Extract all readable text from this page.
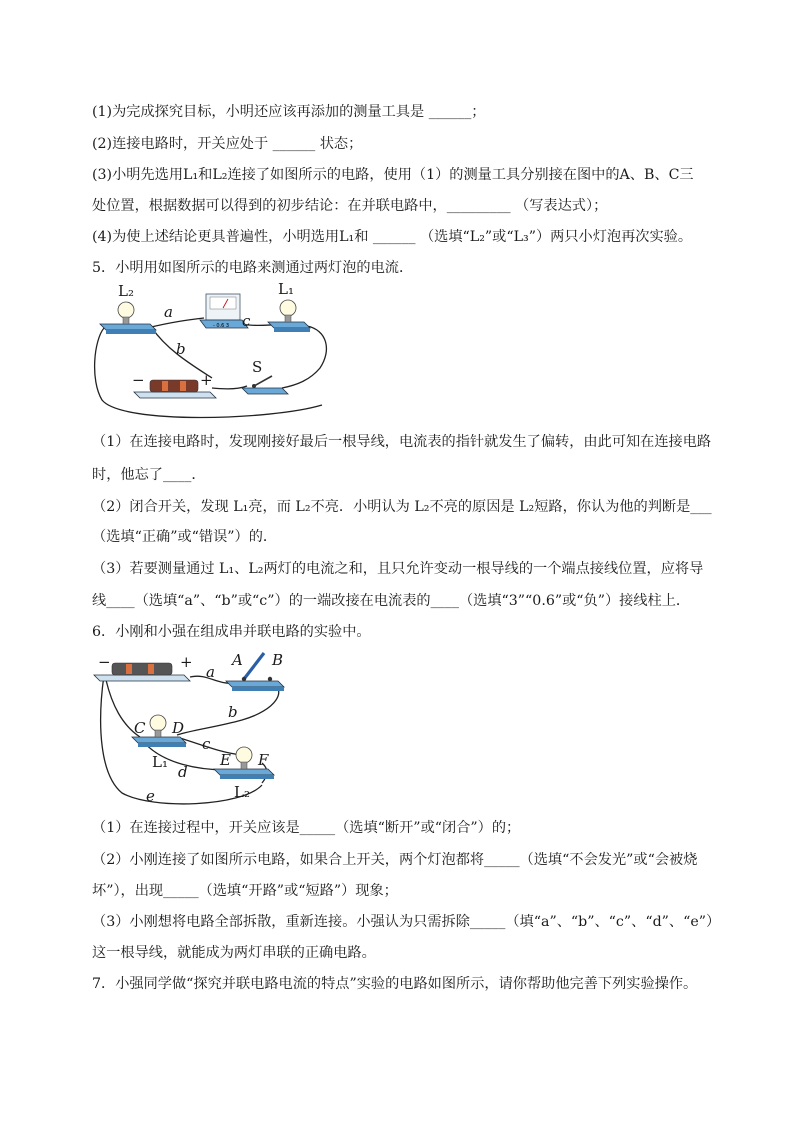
(1)为完成探究目标，小明还应该再添加的测量工具是 ______；
(2)连接电路时，开关应处于 ______ 状态；
(3)小明先选用L₁和L₂连接了如图所示的电路，使用（1）的测量工具分别接在图中的A、B、C三
处位置，根据数据可以得到的初步结论：在并联电路中，_________ （写表达式）；
(4)为使上述结论更具普遍性，小明选用L₁和 ______ （选填“L₂”或“L₃”）两只小灯泡再次实验。
5．小明用如图所示的电路来测通过两灯泡的电流．
L₂
- 0.6 3
a	c
b
L₁
−	+
S
（1）在连接电路时，发现刚接好最后一根导线，电流表的指针就发生了偏转，由此可知在连接电路
时，他忘了____．
（2）闭合开关，发现 L₁亮，而 L₂不亮．小明认为 L₂不亮的原因是 L₂短路，你认为他的判断是___
（选填“正确”或“错误”）的．
（3）若要测量通过 L₁、L₂两灯的电流之和，且只允许变动一根导线的一个端点接线位置，应将导
线____（选填“a”、“b”或“c”）的一端改接在电流表的____（选填“3”“0.6”或“负”）接线柱上．
6．小刚和小强在组成串并联电路的实验中。
−	+
a
A B
b
C D
c
L₁
d
E F
L₂
e
（1）在连接过程中，开关应该是_____（选填“断开”或“闭合”）的；
（2）小刚连接了如图所示电路，如果合上开关，两个灯泡都将_____（选填“不会发光”或“会被烧
坏”），出现_____（选填“开路”或“短路”）现象；
（3）小刚想将电路全部拆散，重新连接。小强认为只需拆除_____（填“a”、“b”、“c”、“d”、“e”）
这一根导线，就能成为两灯串联的正确电路。
7．小强同学做“探究并联电路电流的特点”实验的电路如图所示，请你帮助他完善下列实验操作。
